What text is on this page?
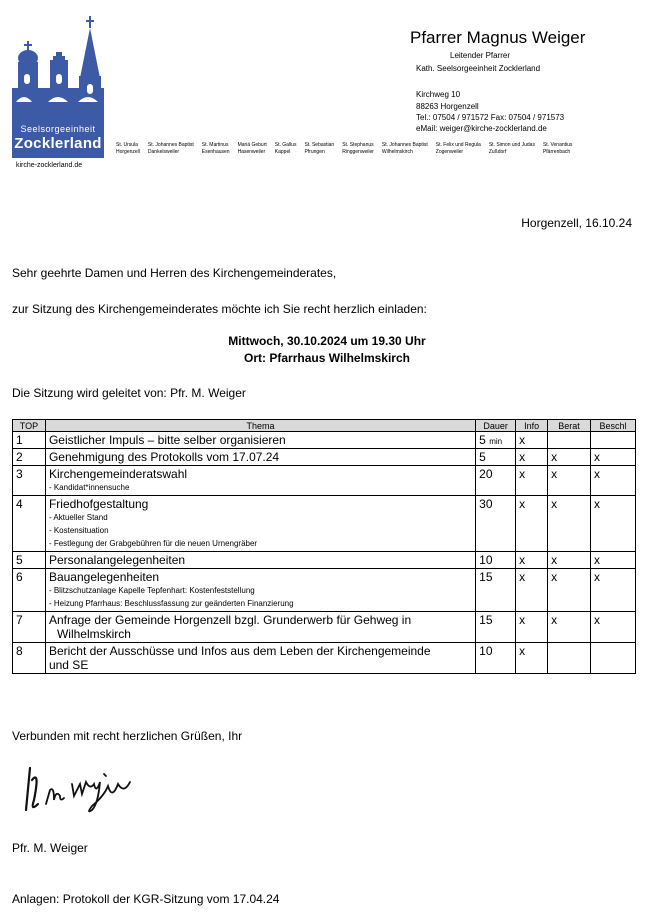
Seelsorgeeinheit
Zocklerland
kirche-zocklerland.de
Pfarrer Magnus Weiger
Leitender Pfarrer
Kath. Seelsorgeeinheit Zocklerland
Kirchweg 10
88263 Horgenzell
Tel.: 07504 / 971572 Fax: 07504 / 971573
eMail: weiger@kirche-zocklerland.de
St. Ursula
Horgenzell
St. Johannes Baptist
Dankelsweiler
St. Martinus
Esenhausen
Mariä Geburt
Hasenweiler
St. Gallus
Kappel
St. Sebastian
Pfrungen
St. Stephanus
Ringgenweiler
St. Johannes Baptist
Wilhelmskirch
St. Felix und Regula
Zogenweiler
St. Simon und Judas
Zußdorf
St. Venantius
Pfärrenbach
Horgenzell, 16.10.24
Sehr geehrte Damen und Herren des Kirchengemeinderates,
zur Sitzung des Kirchengemeinderates möchte ich Sie recht herzlich einladen:
Mittwoch, 30.10.2024 um 19.30 Uhr
Ort: Pfarrhaus Wilhelmskirch
Die Sitzung wird geleitet von: Pfr. M. Weiger
TOP	Thema	Dauer	Info	Berat	Beschl
1	Geistlicher Impuls – bitte selber organisieren	5 min	x		
2	Genehmigung des Protokolls vom 17.07.24	5	x	x	x
3	Kirchengemeinderatswahl
- Kandidat*innensuche	20	x	x	x
4	Friedhofgestaltung
- Aktueller Stand
- Kostensituation
- Festlegung der Grabgebühren für die neuen Urnengräber	30	x	x	x
5	Personalangelegenheiten	10	x	x	x
6	Bauangelegenheiten
- Blitzschutzanlage Kapelle Tepfenhart: Kostenfeststellung
- Heizung Pfarrhaus: Beschlussfassung zur geänderten Finanzierung	15	x	x	x
7	Anfrage der Gemeinde Horgenzell bzgl. Grunderwerb für Gehweg in
Wilhelmskirch	15	x	x	x
8	Bericht der Ausschüsse und Infos aus dem Leben der Kirchengemeinde
und SE	10	x		
Verbunden mit recht herzlichen Grüßen, Ihr
Pfr. M. Weiger
Anlagen: Protokoll der KGR-Sitzung vom 17.04.24
